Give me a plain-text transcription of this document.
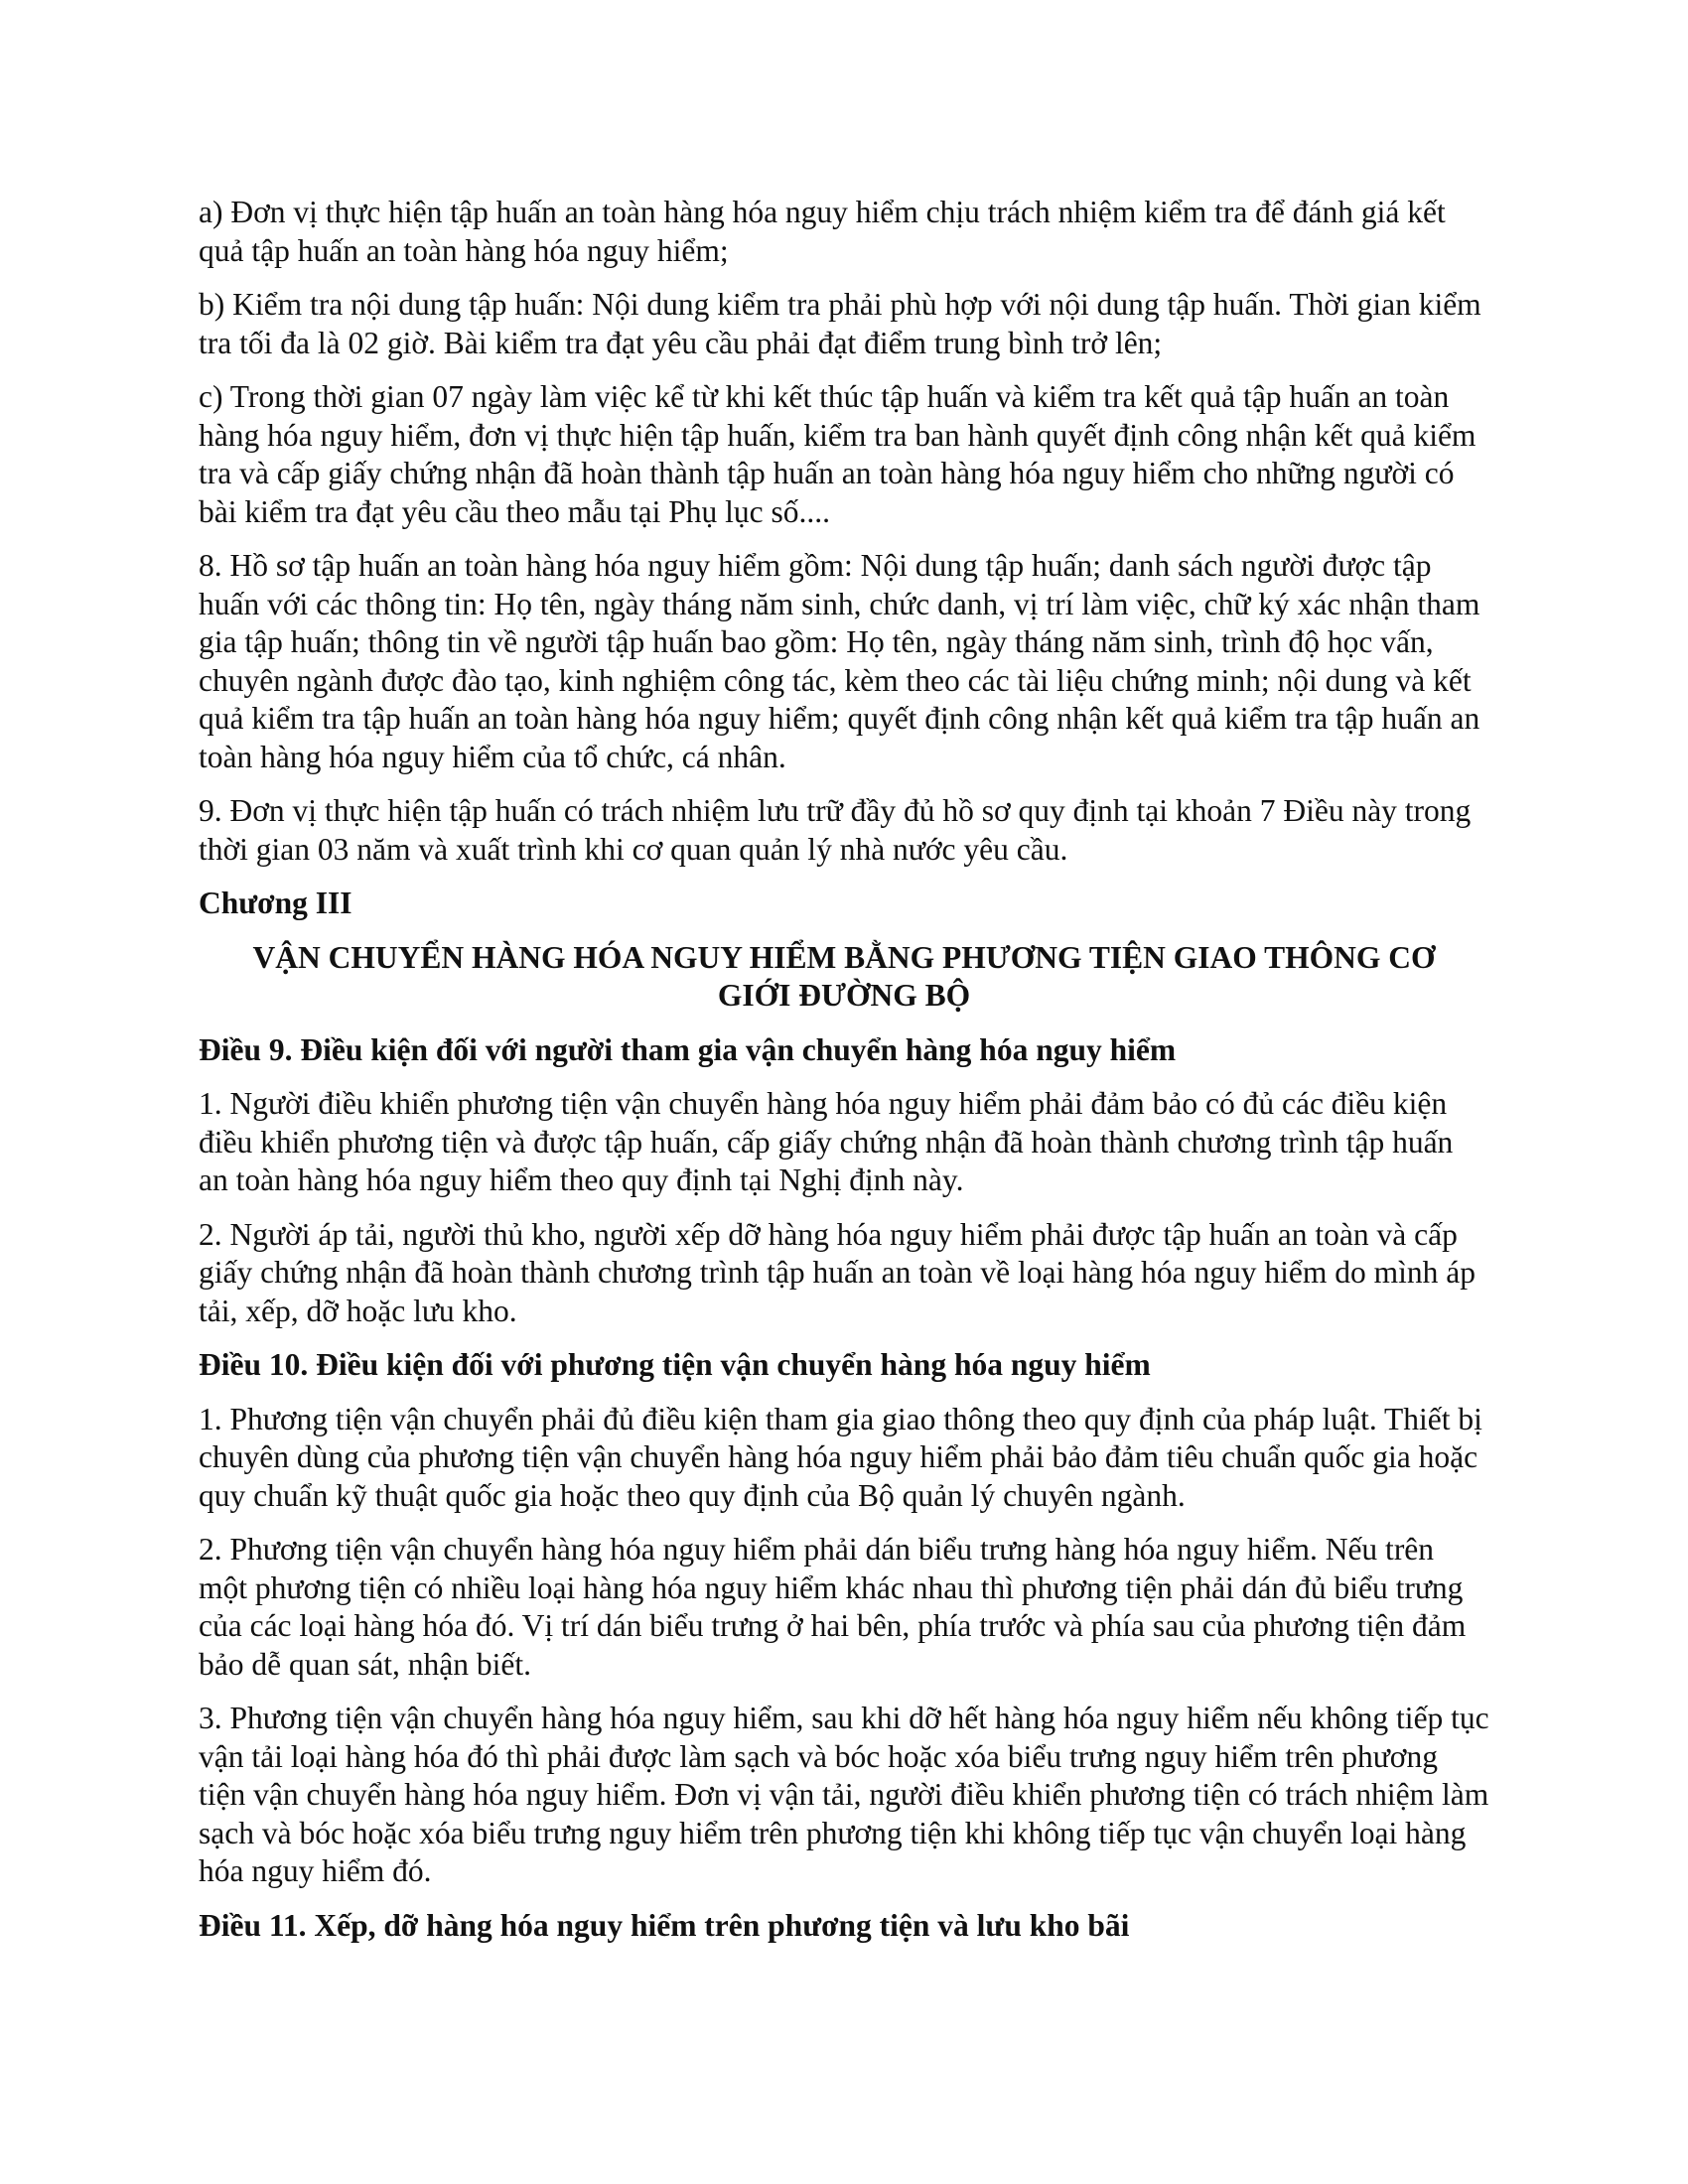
a) Đơn vị thực hiện tập huấn an toàn hàng hóa nguy hiểm chịu trách nhiệm kiểm tra để đánh giá kết quả tập huấn an toàn hàng hóa nguy hiểm;

b) Kiểm tra nội dung tập huấn: Nội dung kiểm tra phải phù hợp với nội dung tập huấn. Thời gian kiểm tra tối đa là 02 giờ. Bài kiểm tra đạt yêu cầu phải đạt điểm trung bình trở lên;

c) Trong thời gian 07 ngày làm việc kể từ khi kết thúc tập huấn và kiểm tra kết quả tập huấn an toàn hàng hóa nguy hiểm, đơn vị thực hiện tập huấn, kiểm tra ban hành quyết định công nhận kết quả kiểm tra và cấp giấy chứng nhận đã hoàn thành tập huấn an toàn hàng hóa nguy hiểm cho những người có bài kiểm tra đạt yêu cầu theo mẫu tại Phụ lục số....

8. Hồ sơ tập huấn an toàn hàng hóa nguy hiểm gồm: Nội dung tập huấn; danh sách người được tập huấn với các thông tin: Họ tên, ngày tháng năm sinh, chức danh, vị trí làm việc, chữ ký xác nhận tham gia tập huấn; thông tin về người tập huấn bao gồm: Họ tên, ngày tháng năm sinh, trình độ học vấn, chuyên ngành được đào tạo, kinh nghiệm công tác, kèm theo các tài liệu chứng minh; nội dung và kết quả kiểm tra tập huấn an toàn hàng hóa nguy hiểm; quyết định công nhận kết quả kiểm tra tập huấn an toàn hàng hóa nguy hiểm của tổ chức, cá nhân.

9. Đơn vị thực hiện tập huấn có trách nhiệm lưu trữ đầy đủ hồ sơ quy định tại khoản 7 Điều này trong thời gian 03 năm và xuất trình khi cơ quan quản lý nhà nước yêu cầu.

Chương III

VẬN CHUYỂN HÀNG HÓA NGUY HIỂM BẰNG PHƯƠNG TIỆN GIAO THÔNG CƠ
GIỚI ĐƯỜNG BỘ

Điều 9. Điều kiện đối với người tham gia vận chuyển hàng hóa nguy hiểm

1. Người điều khiển phương tiện vận chuyển hàng hóa nguy hiểm phải đảm bảo có đủ các điều kiện điều khiển phương tiện và được tập huấn, cấp giấy chứng nhận đã hoàn thành chương trình tập huấn an toàn hàng hóa nguy hiểm theo quy định tại Nghị định này.

2. Người áp tải, người thủ kho, người xếp dỡ hàng hóa nguy hiểm phải được tập huấn an toàn và cấp giấy chứng nhận đã hoàn thành chương trình tập huấn an toàn về loại hàng hóa nguy hiểm do mình áp tải, xếp, dỡ hoặc lưu kho.

Điều 10. Điều kiện đối với phương tiện vận chuyển hàng hóa nguy hiểm

1. Phương tiện vận chuyển phải đủ điều kiện tham gia giao thông theo quy định của pháp luật. Thiết bị chuyên dùng của phương tiện vận chuyển hàng hóa nguy hiểm phải bảo đảm tiêu chuẩn quốc gia hoặc quy chuẩn kỹ thuật quốc gia hoặc theo quy định của Bộ quản lý chuyên ngành.

2. Phương tiện vận chuyển hàng hóa nguy hiểm phải dán biểu trưng hàng hóa nguy hiểm. Nếu trên một phương tiện có nhiều loại hàng hóa nguy hiểm khác nhau thì phương tiện phải dán đủ biểu trưng của các loại hàng hóa đó. Vị trí dán biểu trưng ở hai bên, phía trước và phía sau của phương tiện đảm bảo dễ quan sát, nhận biết.

3. Phương tiện vận chuyển hàng hóa nguy hiểm, sau khi dỡ hết hàng hóa nguy hiểm nếu không tiếp tục vận tải loại hàng hóa đó thì phải được làm sạch và bóc hoặc xóa biểu trưng nguy hiểm trên phương tiện vận chuyển hàng hóa nguy hiểm. Đơn vị vận tải, người điều khiển phương tiện có trách nhiệm làm sạch và bóc hoặc xóa biểu trưng nguy hiểm trên phương tiện khi không tiếp tục vận chuyển loại hàng hóa nguy hiểm đó.

Điều 11. Xếp, dỡ hàng hóa nguy hiểm trên phương tiện và lưu kho bãi
